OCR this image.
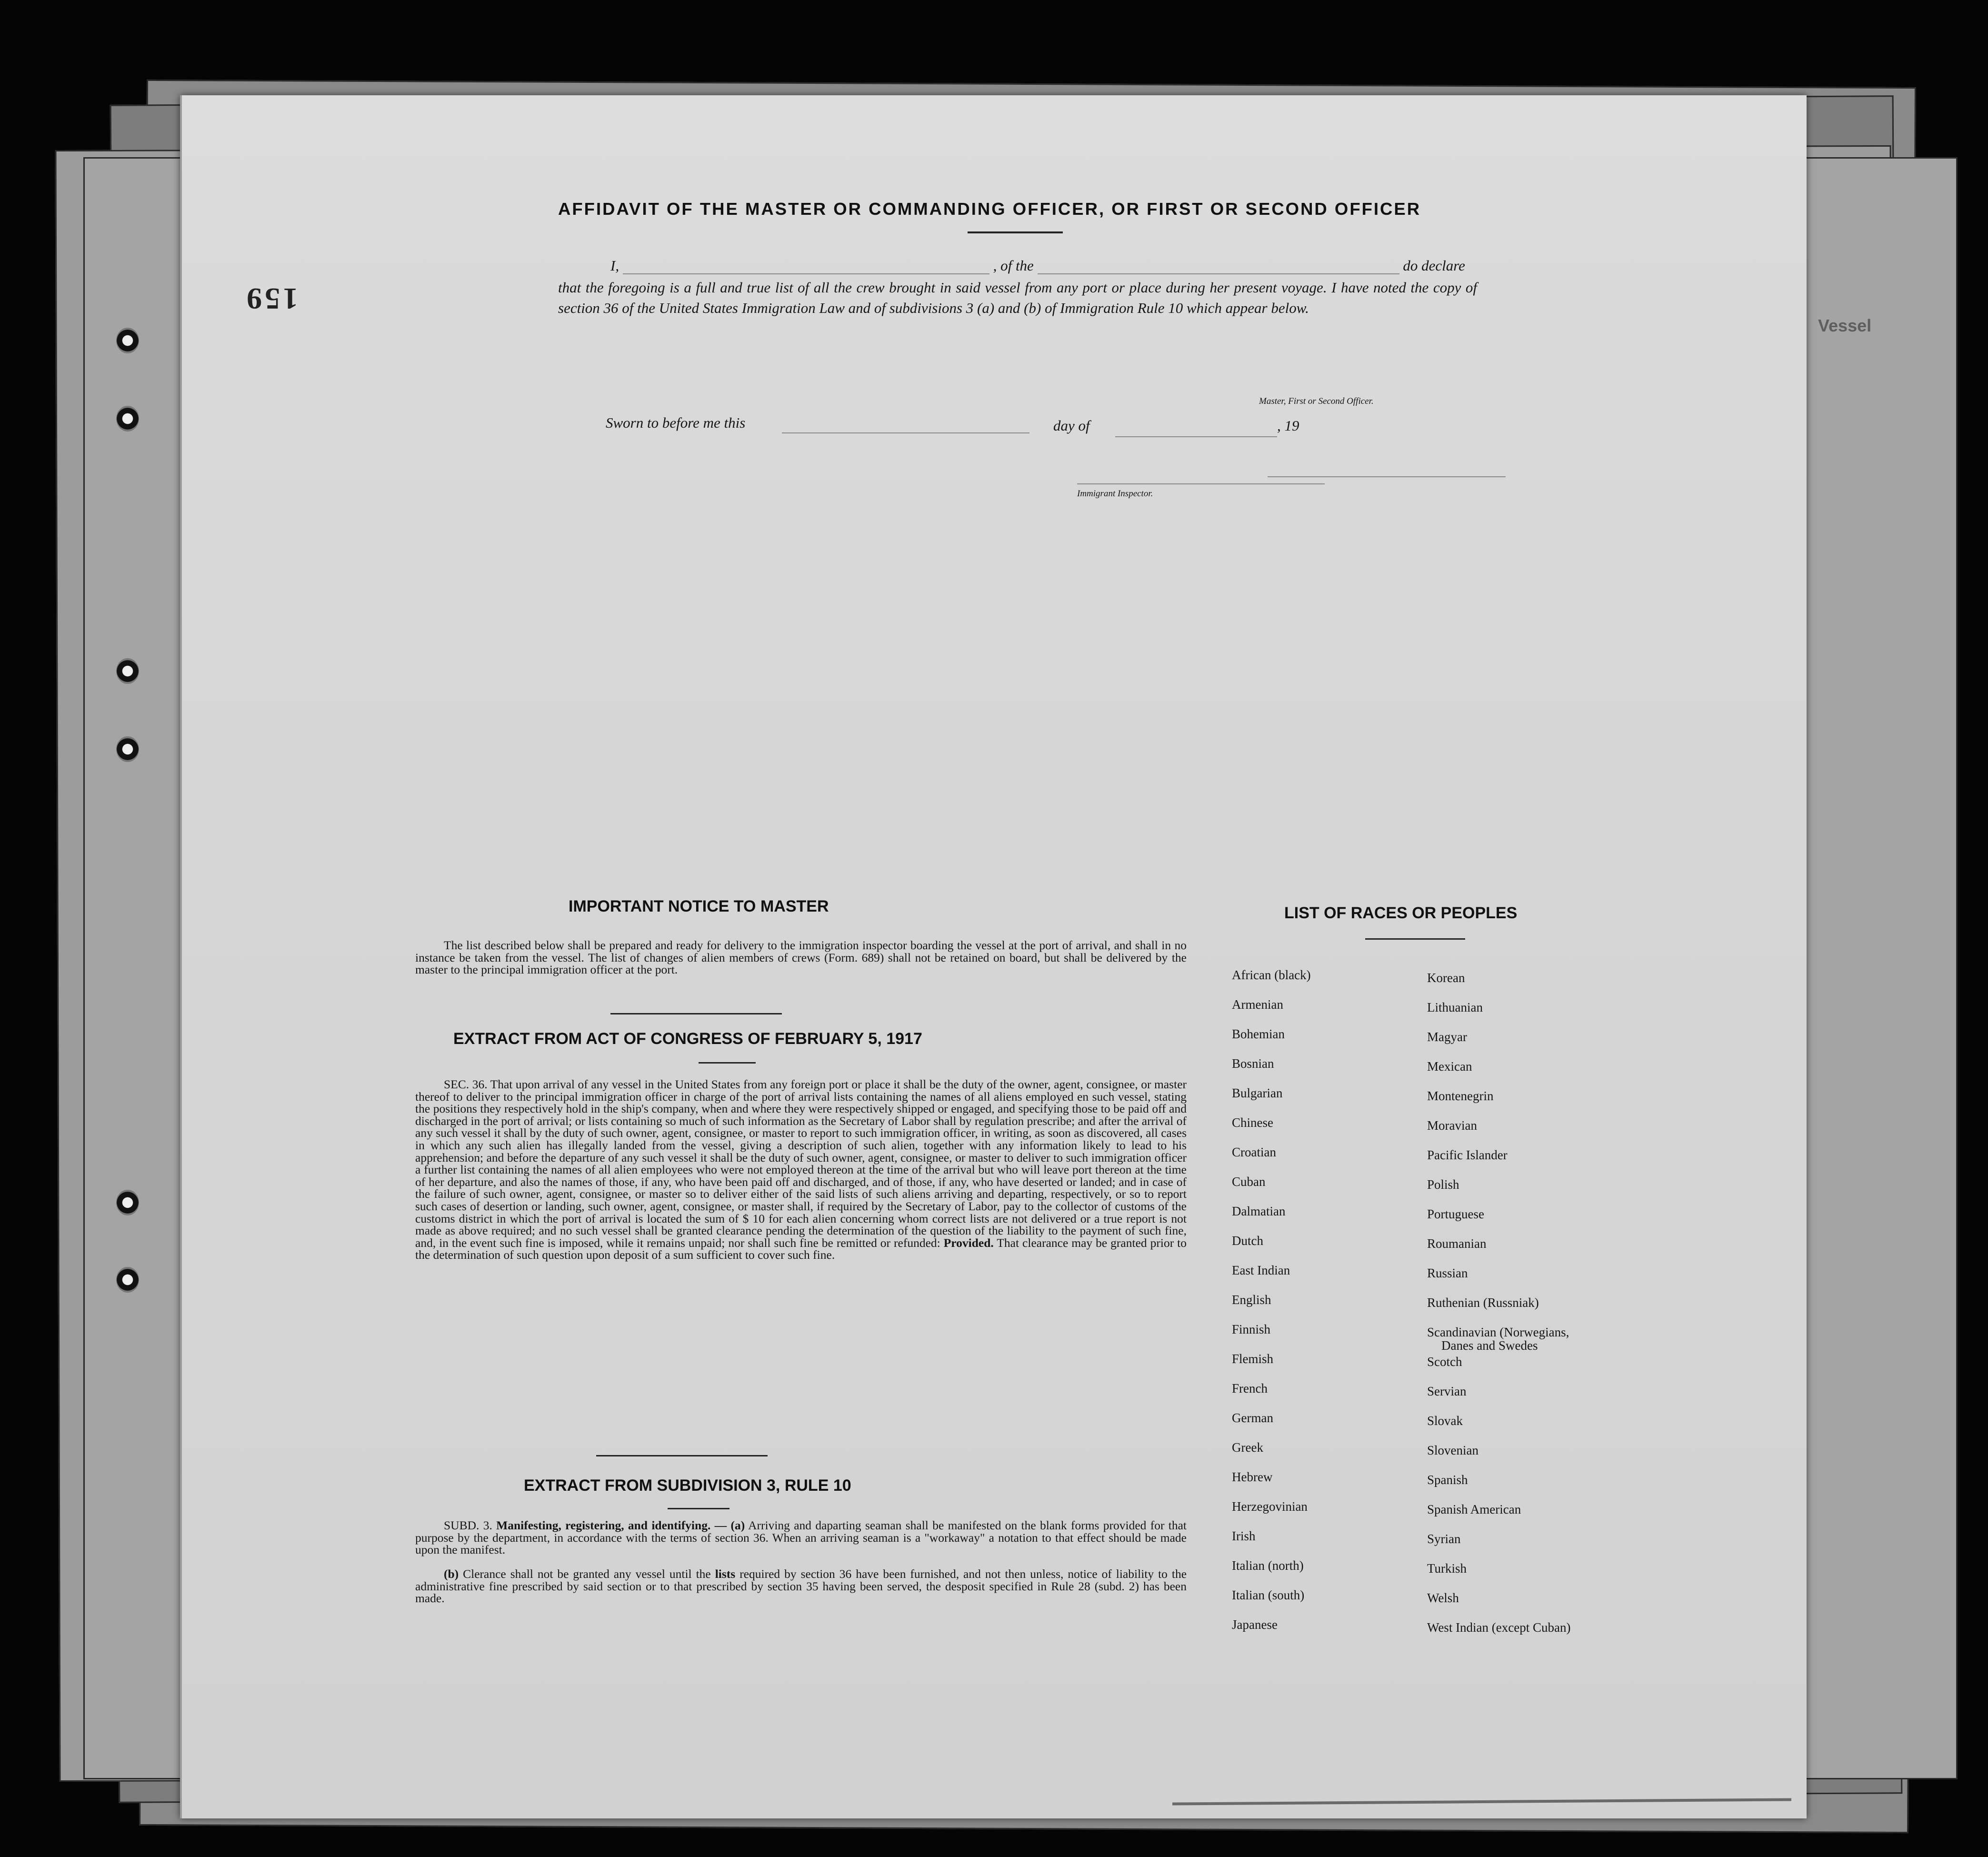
Vessel
159
AFFIDAVIT OF THE MASTER OR COMMANDING OFFICER, OR FIRST OR SECOND OFFICER
I,	, of the	do declare
that the foregoing is a full and true list of all the crew brought in said vessel from any port or place during her present voyage. I have noted the copy of section 36 of the United States Immigration Law and of subdivisions 3 (a) and (b) of Immigration Rule 10 which appear below.
Master, First or Second Officer.
Sworn to before me this	day of	, 19
Immigrant Inspector.
IMPORTANT NOTICE TO MASTER
The list described below shall be prepared and ready for delivery to the immigration inspector boarding the vessel at the port of arrival, and shall in no instance be taken from the vessel. The list of changes of alien members of crews (Form. 689) shall not be retained on board, but shall be delivered by the master to the principal immigration officer at the port.
EXTRACT FROM ACT OF CONGRESS OF FEBRUARY 5, 1917
SEC. 36. That upon arrival of any vessel in the United States from any foreign port or place it shall be the duty of the owner, agent, consignee, or master thereof to deliver to the principal immigration officer in charge of the port of arrival lists containing the names of all aliens employed en such vessel, stating the positions they respectively hold in the ship's company, when and where they were respectively shipped or engaged, and specifying those to be paid off and discharged in the port of arrival; or lists containing so much of such information as the Secretary of Labor shall by regulation prescribe; and after the arrival of any such vessel it shall by the duty of such owner, agent, consignee, or master to report to such immigration officer, in writing, as soon as discovered, all cases in which any such alien has illegally landed from the vessel, giving a description of such alien, together with any information likely to lead to his apprehension; and before the departure of any such vessel it shall be the duty of such owner, agent, consignee, or master to deliver to such immigration officer a further list containing the names of all alien employees who were not employed thereon at the time of the arrival but who will leave port thereon at the time of her departure, and also the names of those, if any, who have been paid off and discharged, and of those, if any, who have deserted or landed; and in case of the failure of such owner, agent, consignee, or master so to deliver either of the said lists of such aliens arriving and departing, respectively, or so to report such cases of desertion or landing, such owner, agent, consignee, or master shall, if required by the Secretary of Labor, pay to the collector of customs of the customs district in which the port of arrival is located the sum of $ 10 for each alien concerning whom correct lists are not delivered or a true report is not made as above required; and no such vessel shall be granted clearance pending the determination of the question of the liability to the payment of such fine, and, in the event such fine is imposed, while it remains unpaid; nor shall such fine be remitted or refunded: Provided. That clearance may be granted prior to the determination of such question upon deposit of a sum sufficient to cover such fine.
EXTRACT FROM SUBDIVISION 3, RULE 10
SUBD. 3. Manifesting, registering, and identifying. — (a) Arriving and daparting seaman shall be manifested on the blank forms provided for that purpose by the department, in accordance with the terms of section 36. When an arriving seaman is a "workaway" a notation to that effect should be made upon the manifest.
(b) Clerance shall not be granted any vessel until the lists required by section 36 have been furnished, and not then unless, notice of liability to the administrative fine prescribed by said section or to that prescribed by section 35 having been served, the desposit specified in Rule 28 (subd. 2) has been made.
LIST OF RACES OR PEOPLES
African (black)
Armenian
Bohemian
Bosnian
Bulgarian
Chinese
Croatian
Cuban
Dalmatian
Dutch
East Indian
English
Finnish
Flemish
French
German
Greek
Hebrew
Herzegovinian
Irish
Italian (north)
Italian (south)
Japanese
Korean
Lithuanian
Magyar
Mexican
Montenegrin
Moravian
Pacific Islander
Polish
Portuguese
Roumanian
Russian
Ruthenian (Russniak)
Scandinavian (Norwegians,
Danes and Swedes
Scotch
Servian
Slovak
Slovenian
Spanish
Spanish American
Syrian
Turkish
Welsh
West Indian (except Cuban)
